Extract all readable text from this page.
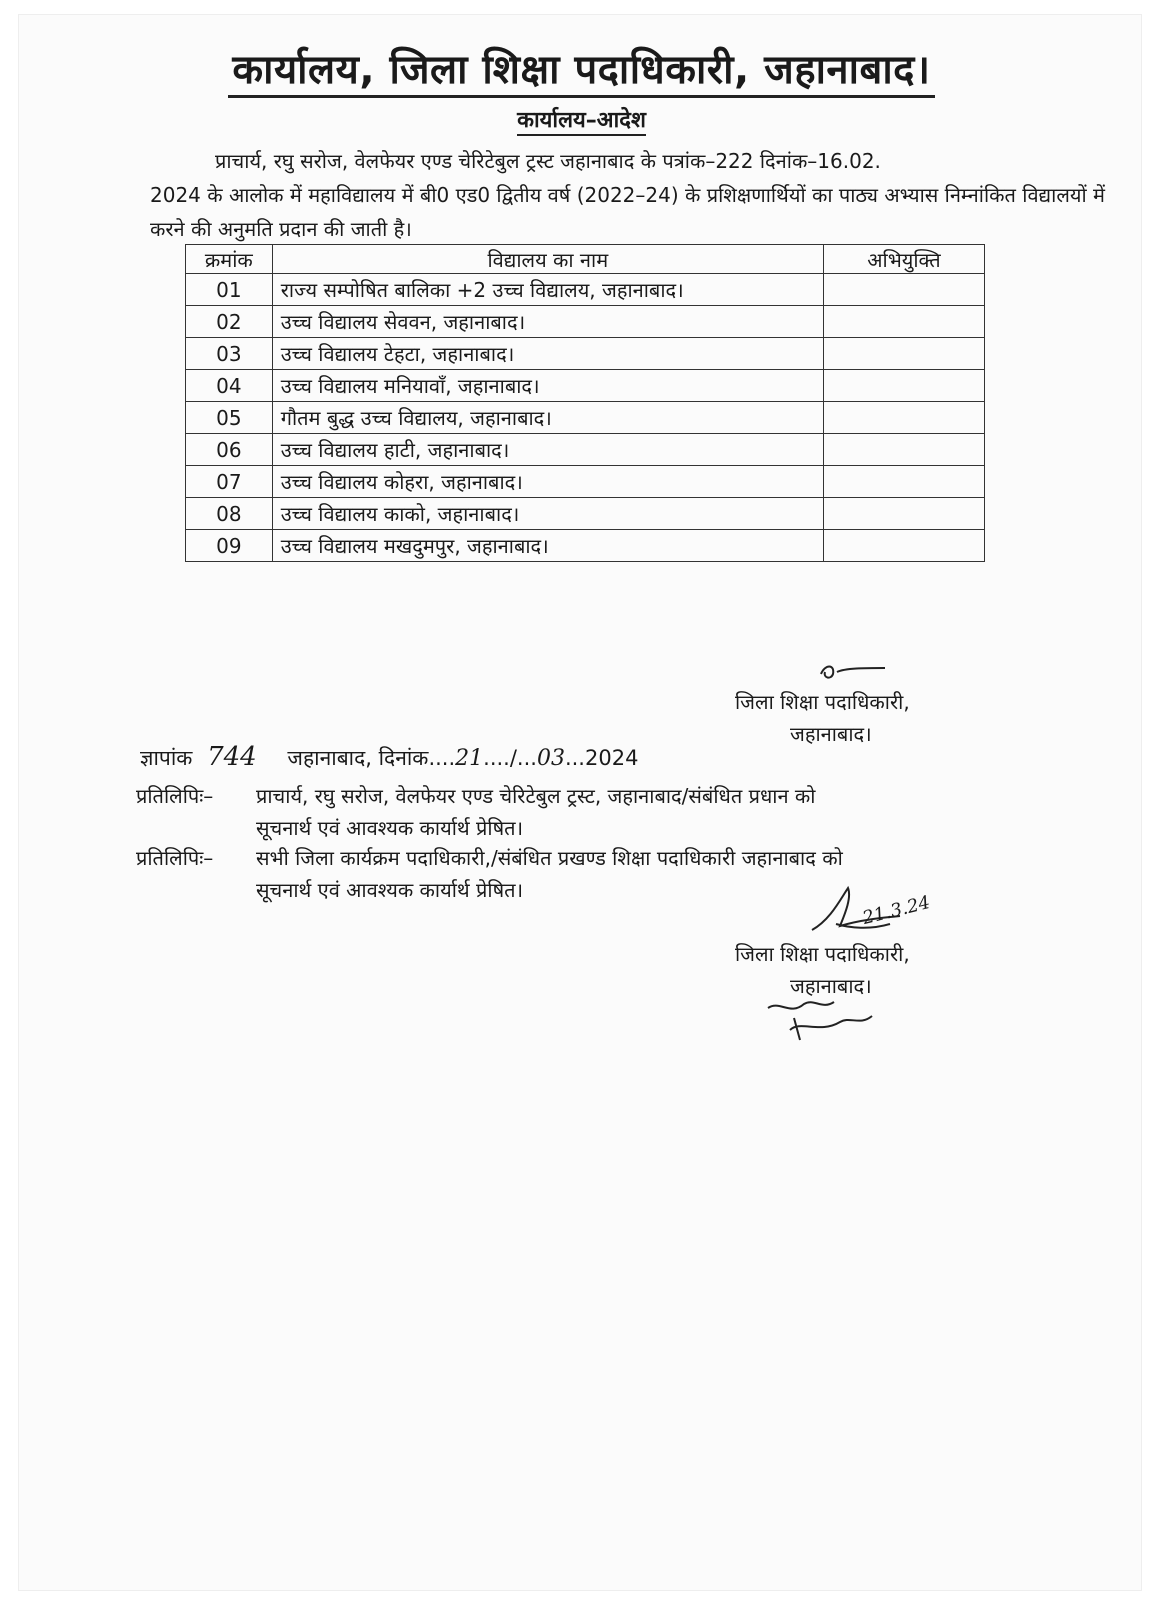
कार्यालय, जिला शिक्षा पदाधिकारी, जहानाबाद।
कार्यालय–आदेश
प्राचार्य, रघु सरोज, वेलफेयर एण्ड चेरिटेबुल ट्रस्ट जहानाबाद के पत्रांक–222 दिनांक–16.02.
2024 के आलोक में महाविद्यालय में बी0 एड0 द्वितीय वर्ष (2022–24) के प्रशिक्षणार्थियों का पाठ्य अभ्यास निम्नांकित विद्यालयों में करने की अनुमति प्रदान की जाती है।
क्रमांक	विद्यालय का नाम	अभियुक्ति
01	राज्य सम्पोषित बालिका +2 उच्च विद्यालय, जहानाबाद।	
02	उच्च विद्यालय सेववन, जहानाबाद।	
03	उच्च विद्यालय टेहटा, जहानाबाद।	
04	उच्च विद्यालय मनियावाँ, जहानाबाद।	
05	गौतम बुद्ध उच्च विद्यालय, जहानाबाद।	
06	उच्च विद्यालय हाटी, जहानाबाद।	
07	उच्च विद्यालय कोहरा, जहानाबाद।	
08	उच्च विद्यालय काको, जहानाबाद।	
09	उच्च विद्यालय मखदुमपुर, जहानाबाद।	
जिला शिक्षा पदाधिकारी,
जहानाबाद।
ज्ञापांक 744 जहानाबाद, दिनांक....21..../...03...2024
प्रतिलिपिः– प्राचार्य, रघु सरोज, वेलफेयर एण्ड चेरिटेबुल ट्रस्ट, जहानाबाद/संबंधित प्रधान को
सूचनार्थ एवं आवश्यक कार्यार्थ प्रेषित।
प्रतिलिपिः– सभी जिला कार्यक्रम पदाधिकारी,/संबंधित प्रखण्ड शिक्षा पदाधिकारी जहानाबाद को
सूचनार्थ एवं आवश्यक कार्यार्थ प्रेषित।
21.3.24
जिला शिक्षा पदाधिकारी,
जहानाबाद।
